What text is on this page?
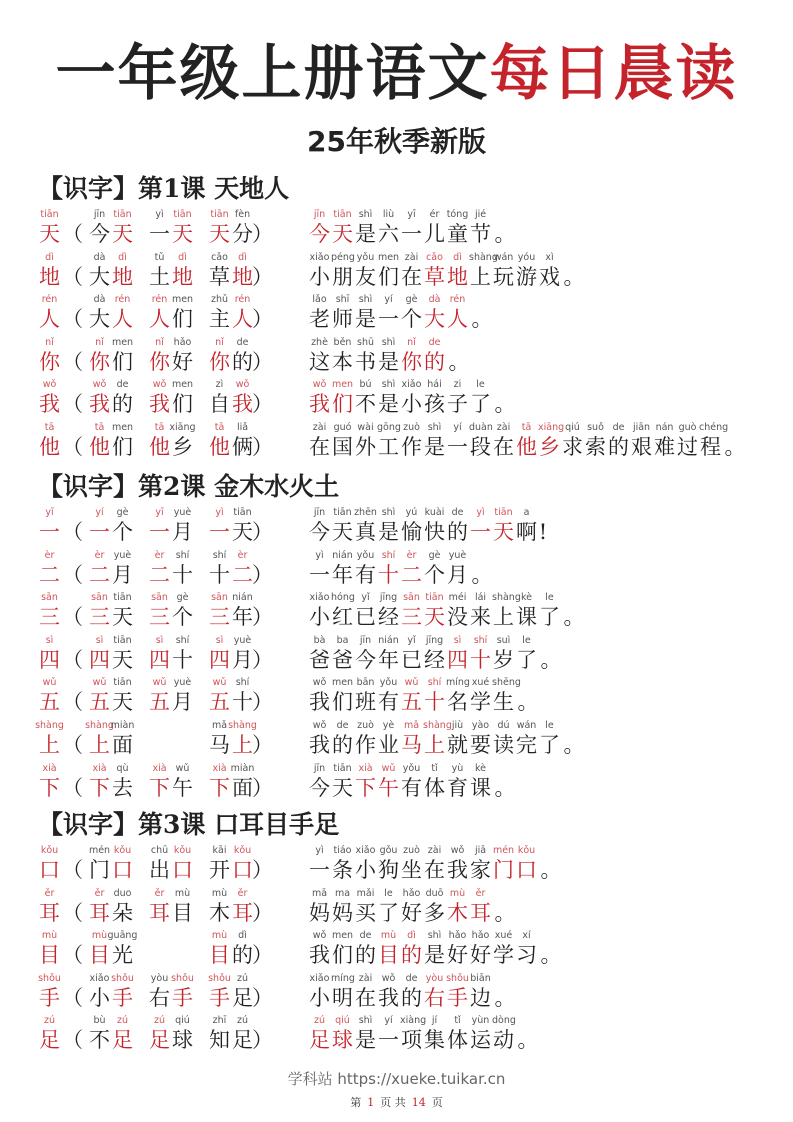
一年级上册语文每日晨读
25年秋季新版
【识字】第1课 天地人
tiān
天 （
jīn
今
tiān
天
yì
一
tiān
天
tiān
天
fèn
分 ）
jīn tiān shì liù yī ér tóng jié
今天是六一儿童节 。
dì
地 （
dà
大
dì
地
tǔ
土
dì
地
cǎo
草
dì
地 ）
xiǎo péng yǒu men zài cǎo dì shàngwán yóu xì
小朋友们在草地上玩游戏 。
rén
人 （
dà
大
rén
人
rén
人
men
们
zhǔ
主
rén
人 ）
lǎo shī shì yí gè dà rén
老师是一个大人 。
nǐ
你 （
nǐ
你
men
们
nǐ
你
hǎo
好
nǐ
你
de
的 ）
zhè běn shū shì nǐ de
这本书是你的 。
wǒ
我 （
wǒ
我
de
的
wǒ
我
men
们
zì
自
wǒ
我 ）
wǒ men bú shì xiǎo hái zi le
我们不是小孩子了 。
tā
他 （
tā
他
men
们
tā
他
xiāng
乡
tā
他
liǎ
俩 ）
zài guó wài gōng zuò shì yí duàn zài tā xiāngqiú suǒ de jiān nán guò chéng
在国外工作是一段在他乡求索的艰难过程 。
【识字】第2课 金木水火土
yī
一 （
yí
一
gè
个
yī
一
yuè
月
yì
一
tiān
天 ）
jīn tiān zhēn shì yú kuài de yì tiān a
今天真是愉快的一天啊!
èr
二 （
èr
二
yuè
月
èr
二
shí
十
shí
十
èr
二 ）
yì nián yǒu shí èr gè yuè
一年有十二个月 。
sān
三 （
sān
三
tiān
天
sān
三
gè
个
sān
三
nián
年 ）
xiǎo hóng yǐ jīng sān tiān méi lái shàngkè le
小红已经三天没来上课了 。
sì
四 （
sì
四
tiān
天
sì
四
shí
十
sì
四
yuè
月 ）
bà ba jīn nián yǐ jīng sì shí suì le
爸爸今年已经四十岁了 。
wǔ
五 （
wǔ
五
tiān
天
wǔ
五
yuè
月
wǔ
五
shí
十 ）
wǒ men bān yǒu wǔ shí míng xué shēng
我们班有五十名学生 。
shàng
上 （
shàng
上
miàn
面
mǎ
马
shàng
上 ）
wǒ de zuò yè mǎ shàngjiù yào dú wán le
我的作业马上就要读完了 。
xià
下 （
xià
下
qù
去
xià
下
wǔ
午
xià
下
miàn
面 ）
jīn tiān xià wǔ yǒu tǐ yù kè
今天下午有体育课 。
【识字】第3课 口耳目手足
kǒu
口 （
mén
门
kǒu
口
chū
出
kǒu
口
kāi
开
kǒu
口 ）
yì tiáo xiǎo gǒu zuò zài wǒ jiā mén kǒu
一条小狗坐在我家门口 。
ěr
耳 （
ěr
耳
duo
朵
ěr
耳
mù
目
mù
木
ěr
耳 ）
mā ma mǎi le hǎo duō mù ěr
妈妈买了好多木耳 。
mù
目 （
mù
目
guāng
光
mù
目
dì
的 ）
wǒ men de mù dì shì hǎo hǎo xué xí
我们的目的是好好学习 。
shǒu
手 （
xiǎo
小
shǒu
手
yòu
右
shǒu
手
shǒu
手
zú
足 ）
xiǎo míng zài wǒ de yòu shǒubiān
小明在我的右手边 。
zú
足 （
bù
不
zú
足
zú
足
qiú
球
zhī
知
zú
足 ）
zú qiú shì yí xiàng jí tǐ yùn dòng
足球是一项集体运动 。
学科站 https://xueke.tuikar.cn
第 1 页 共 14 页
